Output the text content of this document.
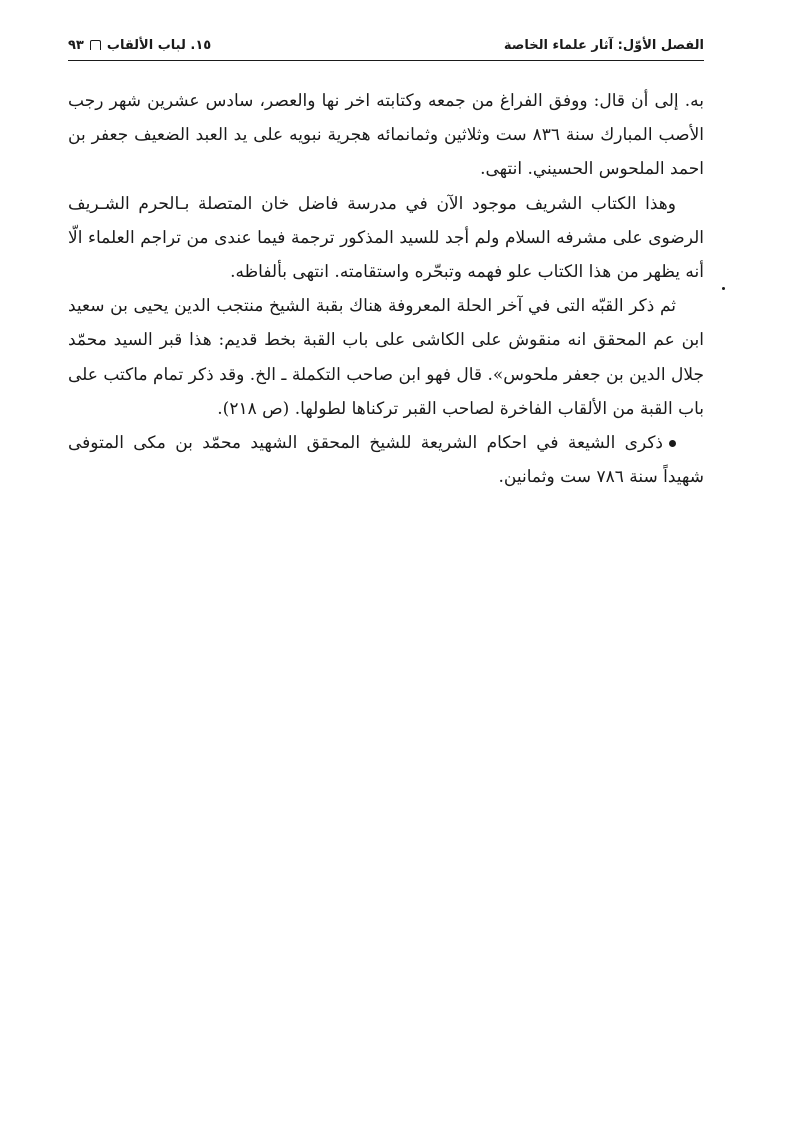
الفصل الأوّل: آثار علماء الخاصة
١٥. لباب الألقاب
٩٣

به. إلى أن قال: ووفق الفراغ من جمعه وكتابته اخر نها والعصر، سادس عشرين شهر رجب الأصب المبارك سنة ٨٣٦ ست وثلاثين وثمانمائه هجرية نبويه على يد العبد الضعيف جعفر بن احمد الملحوس الحسيني. انتهى.

وهذا الكتاب الشريف موجود الآن في مدرسة فاضل خان المتصلة بـالحرم الشـريف الرضوى على مشرفه السلام ولم أجد للسيد المذكور ترجمة فيما عندى من تراجم العلماء الّا أنه يظهر من هذا الكتاب علو فهمه وتبحّره واستقامته. انتهى بألفاظه.

ثم ذكر القبّه التى في آخر الحلة المعروفة هناك بقبة الشيخ منتجب الدين يحيى بن سعيد ابن عم المحقق انه منقوش على الكاشى على باب القبة بخط قديم: هذا قبر السيد محمّد جلال الدين بن جعفر ملحوس». قال فهو ابن صاحب التكملة ـ الخ. وقد ذكر تمام ماكتب على باب القبة من الألقاب الفاخرة لصاحب القبر تركناها لطولها. (ص ٢١٨).

ذكرى الشيعة في احكام الشريعة للشيخ المحقق الشهيد محمّد بن مكى المتوفى شهيداً سنة ٧٨٦ ست وثمانين.
